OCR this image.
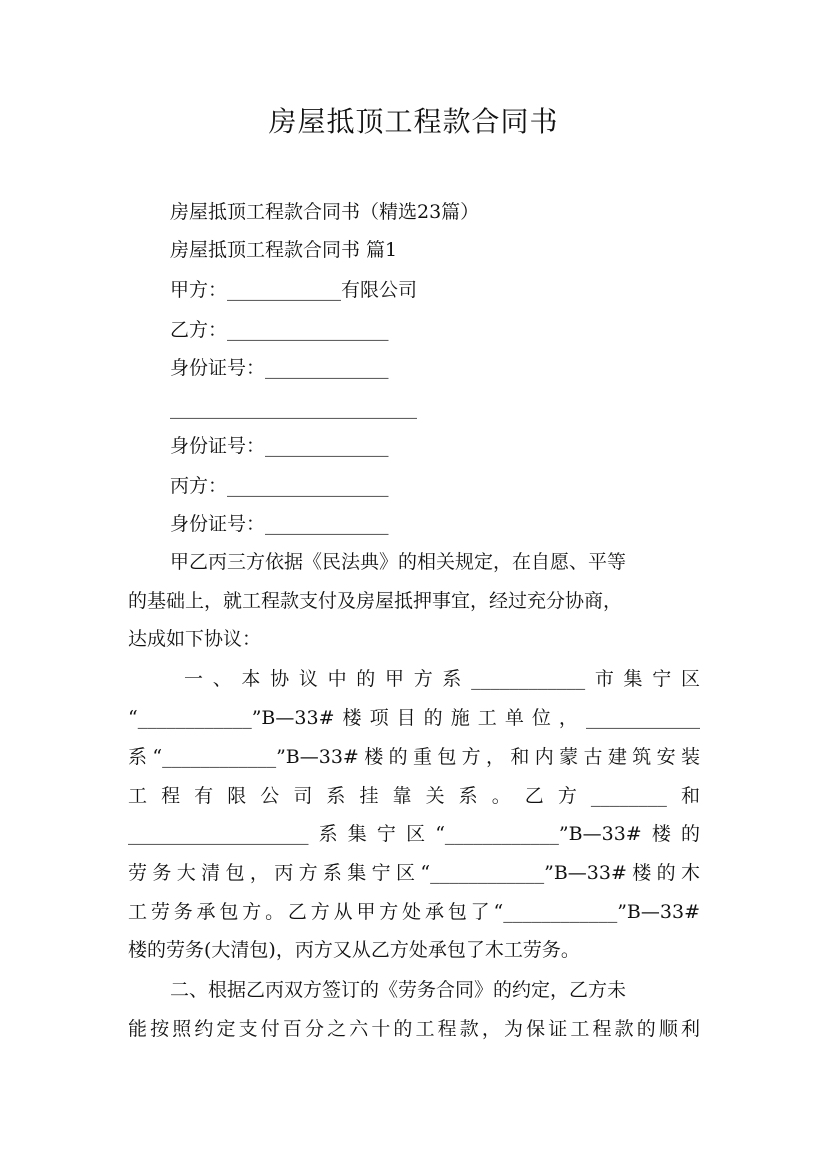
房屋抵顶工程款合同书
房屋抵顶工程款合同书（精选23篇）
房屋抵顶工程款合同书 篇1
甲方：____________有限公司
乙方：_________________
身份证号：_____________
__________________________
身份证号：_____________
丙方：_________________
身份证号：_____________
甲乙丙三方依据《民法典》的相关规定，在自愿、平等
的基础上，就工程款支付及房屋抵押事宜，经过充分协商，
达成如下协议：
一、本协议中的甲方系____________市集宁区
“____________”B—33#楼项目的施工单位，____________
系“____________”B—33#楼的重包方，和内蒙古建筑安装
工程有限公司系挂靠关系。乙方________和
___________________系集宁区“____________”B—33#楼的
劳务大清包，丙方系集宁区“____________”B—33#楼的木
工劳务承包方。乙方从甲方处承包了“____________”B—33#
楼的劳务(大清包)，丙方又从乙方处承包了木工劳务。
二、根据乙丙双方签订的《劳务合同》的约定，乙方未
能按照约定支付百分之六十的工程款，为保证工程款的顺利
